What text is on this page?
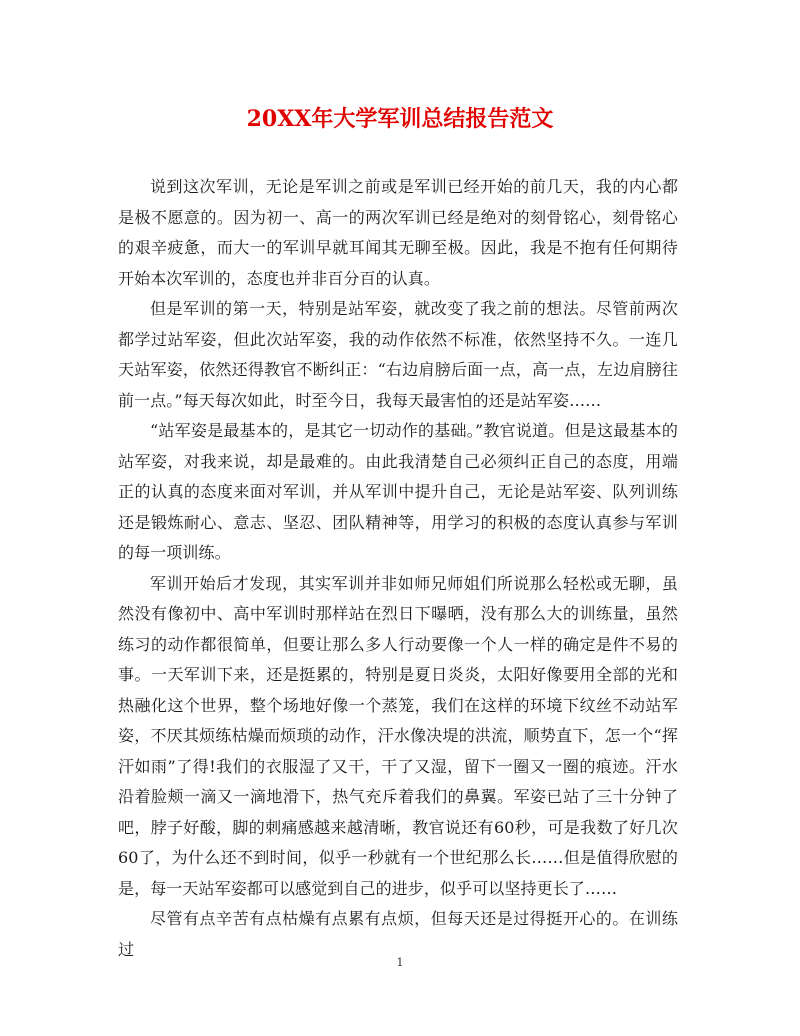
20XX年大学军训总结报告范文

说到这次军训，无论是军训之前或是军训已经开始的前几天，我的内心都是极不愿意的。因为初一、高一的两次军训已经是绝对的刻骨铭心，刻骨铭心的艰辛疲惫，而大一的军训早就耳闻其无聊至极。因此，我是不抱有任何期待开始本次军训的，态度也并非百分百的认真。

但是军训的第一天，特别是站军姿，就改变了我之前的想法。尽管前两次都学过站军姿，但此次站军姿，我的动作依然不标准，依然坚持不久。一连几天站军姿，依然还得教官不断纠正：“右边肩膀后面一点，高一点，左边肩膀往前一点。”每天每次如此，时至今日，我每天最害怕的还是站军姿……

“站军姿是最基本的，是其它一切动作的基础。”教官说道。但是这最基本的站军姿，对我来说，却是最难的。由此我清楚自己必须纠正自己的态度，用端正的认真的态度来面对军训，并从军训中提升自己，无论是站军姿、队列训练还是锻炼耐心、意志、坚忍、团队精神等，用学习的积极的态度认真参与军训的每一项训练。

军训开始后才发现，其实军训并非如师兄师姐们所说那么轻松或无聊，虽然没有像初中、高中军训时那样站在烈日下曝晒，没有那么大的训练量，虽然练习的动作都很简单，但要让那么多人行动要像一个人一样的确定是件不易的事。一天军训下来，还是挺累的，特别是夏日炎炎，太阳好像要用全部的光和热融化这个世界，整个场地好像一个蒸笼，我们在这样的环境下纹丝不动站军姿，不厌其烦练枯燥而烦琐的动作，汗水像决堤的洪流，顺势直下，怎一个“挥汗如雨”了得!我们的衣服湿了又干，干了又湿，留下一圈又一圈的痕迹。汗水沿着脸颊一滴又一滴地滑下，热气充斥着我们的鼻翼。军姿已站了三十分钟了吧，脖子好酸，脚的刺痛感越来越清晰，教官说还有60秒，可是我数了好几次60了，为什么还不到时间，似乎一秒就有一个世纪那么长……但是值得欣慰的是，每一天站军姿都可以感觉到自己的进步，似乎可以坚持更长了……

尽管有点辛苦有点枯燥有点累有点烦，但每天还是过得挺开心的。在训练过

1
